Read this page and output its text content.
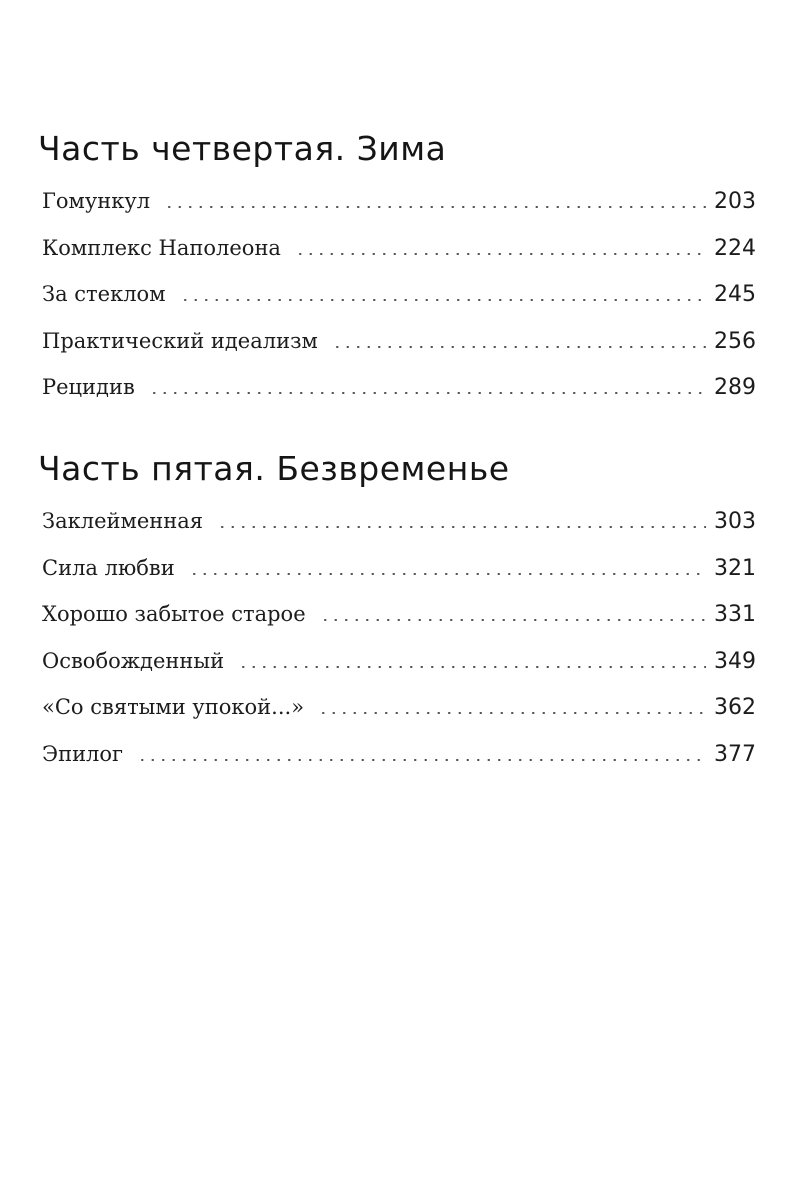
Часть четвертая. Зима
Гомункул	203
Комплекс Наполеона	224
За стеклом	245
Практический идеализм	256
Рецидив	289
Часть пятая. Безвременье
Заклейменная	303
Сила любви	321
Хорошо забытое старое	331
Освобожденный	349
«Со святыми упокой...»	362
Эпилог	377
